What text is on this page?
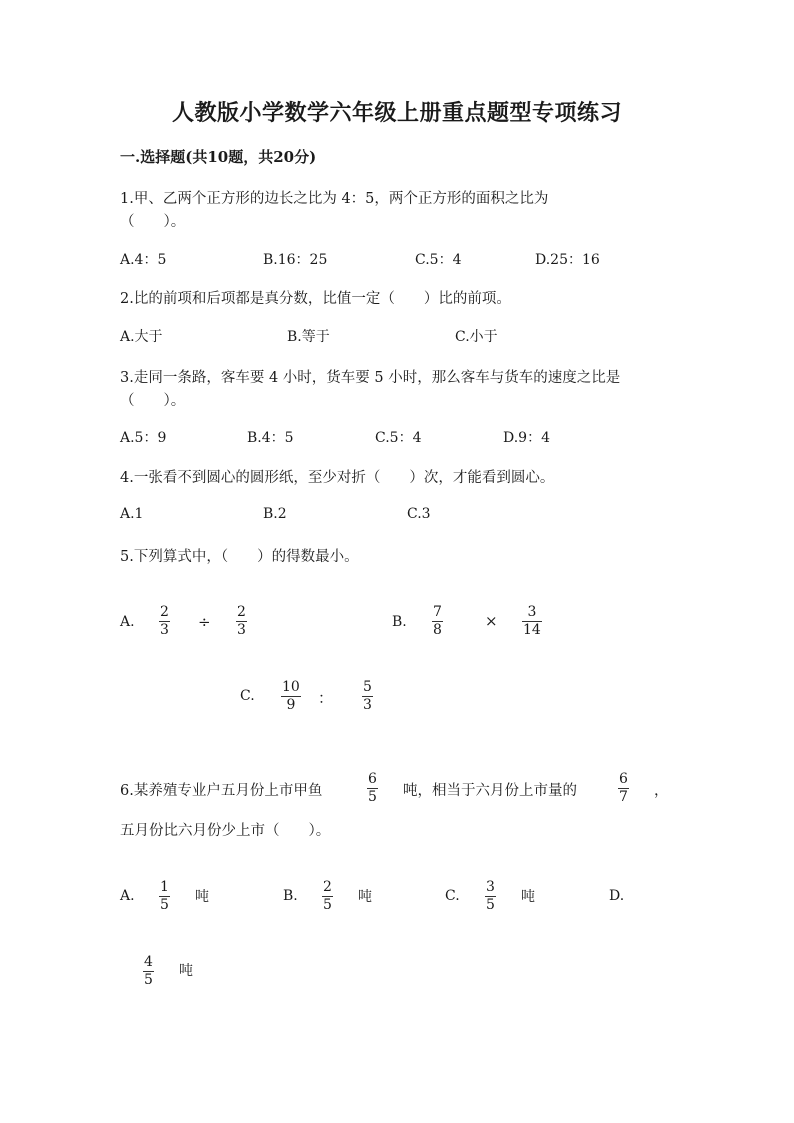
人教版小学数学六年级上册重点题型专项练习
一.选择题(共10题，共20分)
1.甲、乙两个正方形的边长之比为 4：5，两个正方形的面积之比为
（　　）。
A.4：5	B.16：25	C.5：4	D.25：16
2.比的前项和后项都是真分数，比值一定（　　）比的前项。
A.大于	B.等于	C.小于
3.走同一条路，客车要 4 小时，货车要 5 小时，那么客车与货车的速度之比是
（　　）。
A.5：9	B.4：5	C.5：4	D.9：4
4.一张看不到圆心的圆形纸，至少对折（　　）次，才能看到圆心。
A.1	B.2	C.3
5.下列算式中，（　　）的得数最小。
A.
2
3 ÷
2
3	B.
7
8	× 3
14
C.
10
9 ：
5
3
6.某养殖专业户五月份上市甲鱼
6
5 吨，相当于六月份上市量的
6
7 ，
五月份比六月份少上市（　　）。
A.
1
5 吨	B.
2
5 吨	C.
3
5 吨	D.
4
5
吨
